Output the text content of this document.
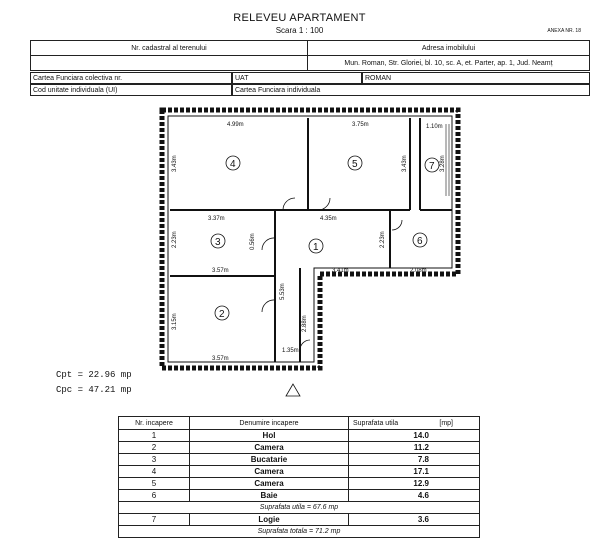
RELEVEU APARTAMENT
Scara 1 : 100	ANEXA NR. 18
Nr. cadastral al terenului	Adresa imobilului
	Mun. Roman, Str. Gloriei, bl. 10, sc. A, et. Parter, ap. 1, Jud. Neamț
Cartea Funciara colectiva nr.	UAT	ROMAN
Cod unitate individuala (UI)	Cartea Funciara individuala
4.99m	3.75m	1.10m
3.43m	3.43m	3.28m
3.37m
2.23m	0.56m
4.35m
2.23m
3.57m	3.41m	2.08m
3.15m
5.53m
2.88m
3.57m
1.35m
4	5	7
3	1
6
2
Cpt = 22.96 mp
Cpc = 47.21 mp
Nr. incapere	Denumire incapere	Suprafata utila [mp]

1	Hol	14.0
2	Camera	11.2
3	Bucatarie	7.8
4	Camera	17.1
5	Camera	12.9
6	Baie	4.6
Suprafata utila = 67.6 mp		
7	Logie	3.6
Suprafata totala = 71.2 mp		
